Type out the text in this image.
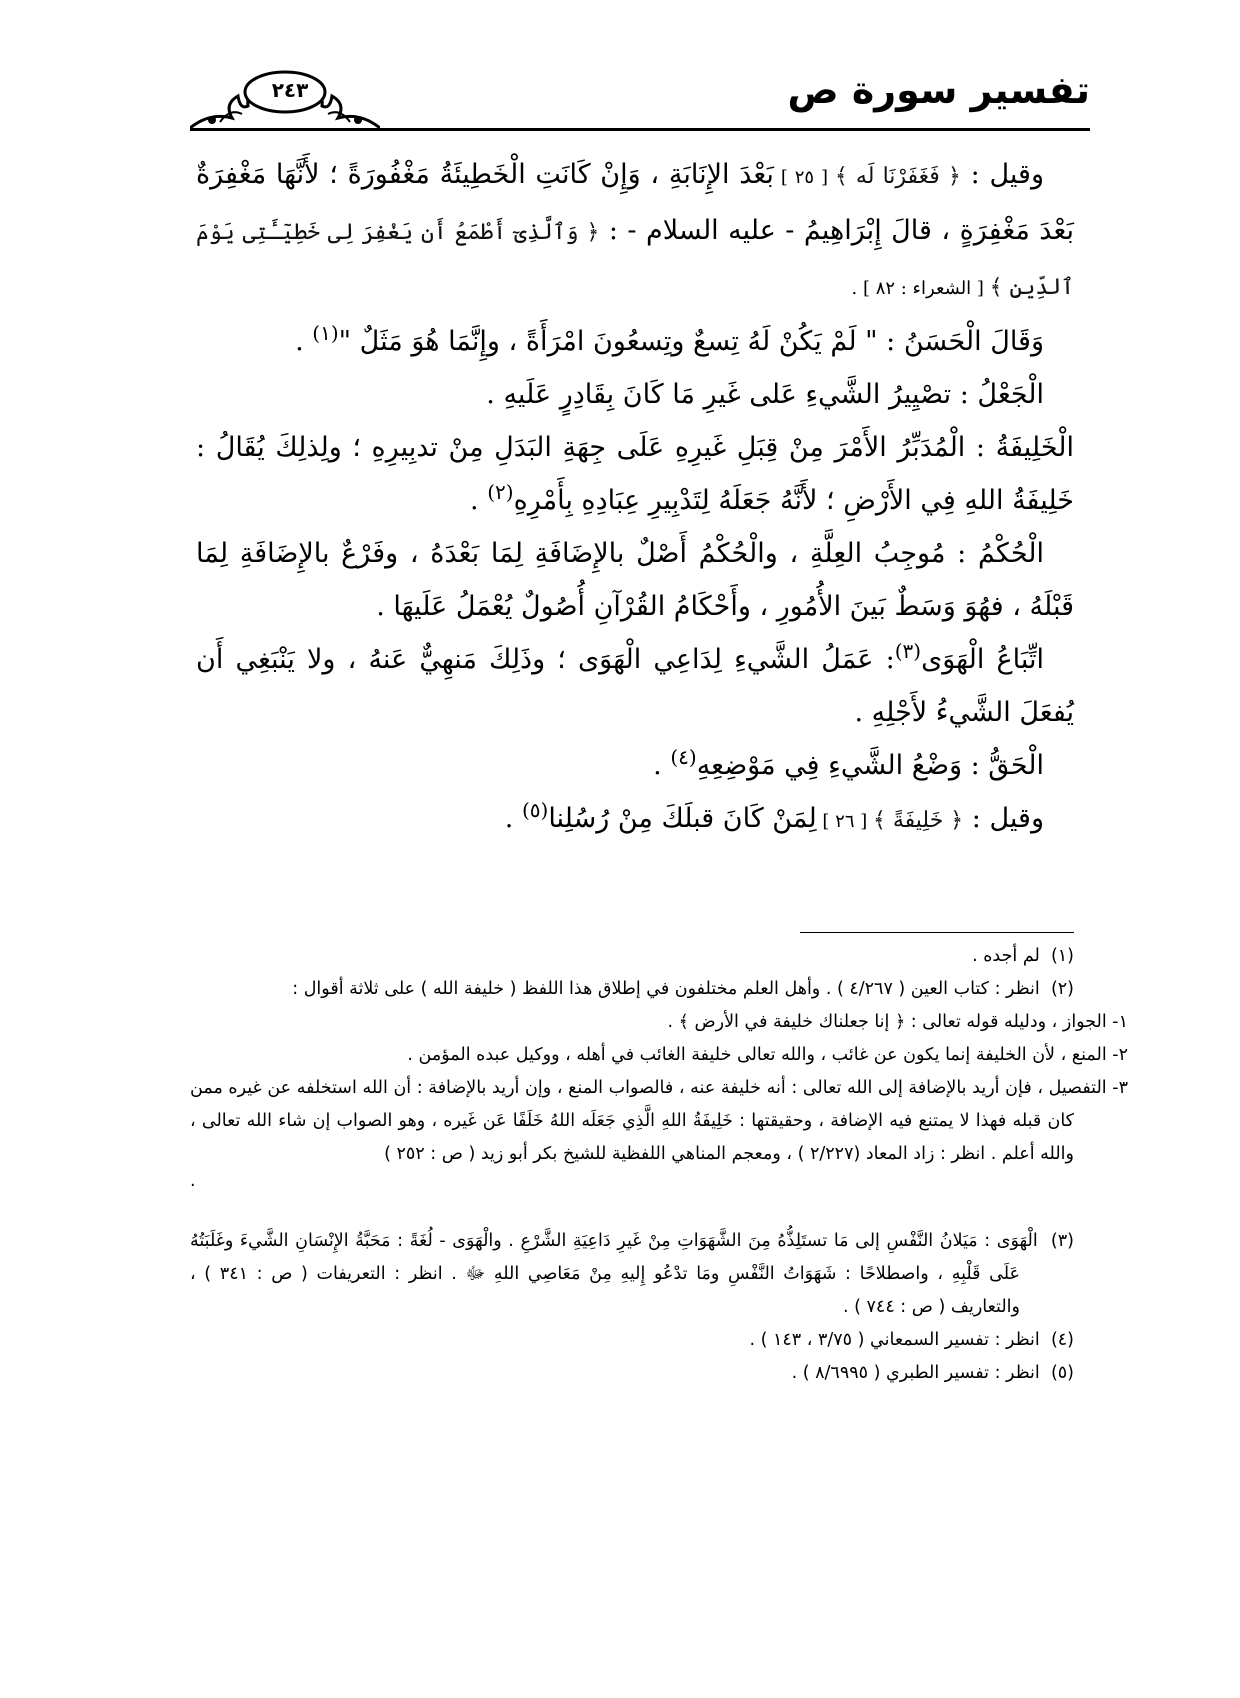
٢٤٣	تفسير سورة ص

وقيل : ﴿ فَغَفَرْنَا لَه ﴾ [ ٢٥ ] بَعْدَ الإِنَابَةِ ، وَإِنْ كَانَتِ الْخَطِيئَةُ مَغْفُورَةً ؛ لأَنَّهَا مَغْفِرَةٌ بَعْدَ مَغْفِرَةٍ ، قالَ إِبْرَاهِيمُ - عليه السلام - : ﴿ وَٱلَّذِىٓ أَطْمَعُ أَن يَغْفِرَ لِى خَطِيٓـَٔتِى يَوْمَ ٱلدِّينِ ﴾ [ الشعراء : ٨٢ ] .

وَقَالَ الْحَسَنُ : " لَمْ يَكُنْ لَهُ تِسعٌ وتِسعُونَ امْرَأَةً ، وإِنَّمَا هُوَ مَثَلٌ "$^{(١)}$ .

الْجَعْلُ : تصْيِيرُ الشَّيءِ عَلى غَيرِ مَا كَانَ بِقَادِرٍ عَلَيهِ .

الْخَلِيفَةُ : الْمُدَبِّرُ الأَمْرَ مِنْ قِبَلِ غَيرِهِ عَلَى جِهَةِ البَدَلِ مِنْ تدبِيرِهِ ؛ ولِذلِكَ يُقَالُ : خَلِيفَةُ اللهِ فِي الأَرْضِ ؛ لأَنَّهُ جَعَلَهُ لِتَدْبِيرِ عِبَادِهِ بِأَمْرِهِ$^{(٢)}$ .

الْحُكْمُ : مُوجِبُ العِلَّةِ ، والْحُكْمُ أَصْلٌ بالإِضَافَةِ لِمَا بَعْدَهُ ، وفَرْعٌ بالإِضَافَةِ لِمَا قَبْلَهُ ، فهُوَ وَسَطٌ بَينَ الأُمُورِ ، وأَحْكَامُ القُرْآنِ أُصُولٌ يُعْمَلُ عَلَيهَا .

اتِّبَاعُ الْهَوَى$^{(٣)}$: عَمَلُ الشَّيءِ لِدَاعِي الْهَوَى ؛ وذَلِكَ مَنهِيٌّ عَنهُ ، ولا يَنْبَغِي أَن يُفعَلَ الشَّيءُ لأَجْلِهِ .

الْحَقُّ : وَضْعُ الشَّيءِ فِي مَوْضِعِهِ$^{(٤)}$ .

وقيل : ﴿ خَلِيفَةً ﴾ [ ٢٦ ] لِمَنْ كَانَ قبلَكَ مِنْ رُسُلِنا$^{(٥)}$ .

(١)  لم أجده .

(٢)  انظر : كتاب العين ( ٤/٢٦٧ ) . وأهل العلم مختلفون في إطلاق هذا اللفظ ( خليفة الله ) على ثلاثة أقوال :

١- الجواز ، ودليله قوله تعالى : ﴿ إنا جعلناك خليفة في الأرض ﴾ .

٢- المنع ، لأن الخليفة إنما يكون عن غائب ، والله تعالى خليفة الغائب في أهله ، ووكيل عبده المؤمن .

٣- التفصيل ، فإن أريد بالإضافة إلى الله تعالى : أنه خليفة عنه ، فالصواب المنع ، وإن أريد بالإضافة : أن الله استخلفه عن غيره ممن كان قبله فهذا لا يمتنع فيه الإضافة ، وحقيقتها : خَلِيفَةُ اللهِ الَّذِي جَعَلَه اللهُ خَلَفًا عَن غَيره ، وهو الصواب إن شاء الله تعالى ، والله أعلم . انظر : زاد المعاد (٢/٢٢٧ ) ، ومعجم المناهي اللفظية للشيخ بكر أبو زيد ( ص : ٢٥٢ )

.

(٣)  الْهَوَى : مَيَلانُ النَّفْسِ إلى مَا تستَلِذُّهُ مِنَ الشَّهَوَاتِ مِنْ غَيرِ دَاعِيَةِ الشَّرْعِ . والْهَوَى - لُغَةً : مَحَبَّةُ الإِنْسَانِ الشَّيءَ وغَلَبَتُهُ عَلَى قَلْبِهِ ، واصطلاحًا : شَهَوَاتُ النَّفْسِ ومَا تدْعُو إِليهِ مِنْ مَعَاصِي اللهِ ﷻ . انظر : التعريفات ( ص : ٣٤١ ) ، والتعاريف ( ص : ٧٤٤ ) .

(٤)  انظر : تفسير السمعاني ( ٣/٧٥ ، ١٤٣ ) .

(٥)  انظر : تفسير الطبري ( ٨/٦٩٩٥ ) .
